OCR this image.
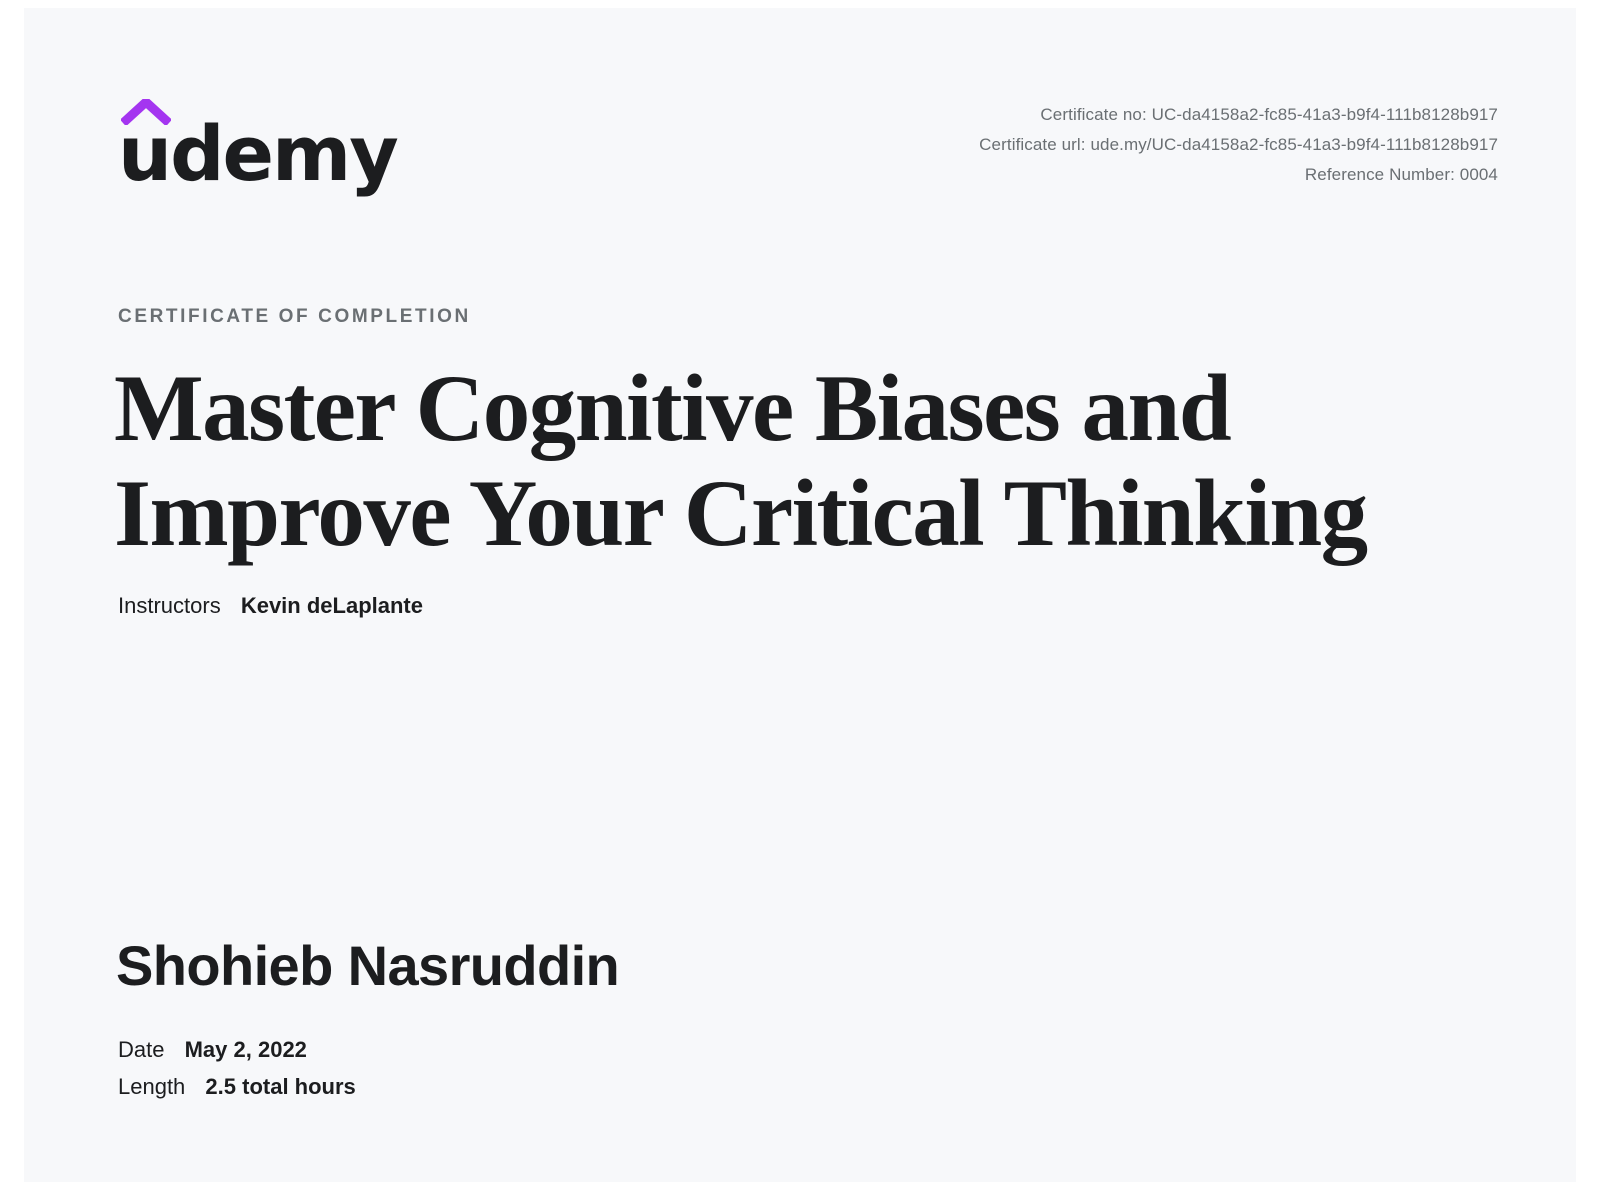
udemy	Certificate no: UC-da4158a2-fc85-41a3-b9f4-111b8128b917
Certificate url: ude.my/UC-da4158a2-fc85-41a3-b9f4-111b8128b917
Reference Number: 0004
CERTIFICATE OF COMPLETION
Master Cognitive Biases and Improve Your Critical Thinking
Instructors Kevin deLaplante
Shohieb Nasruddin
Date May 2, 2022
Length 2.5 total hours
